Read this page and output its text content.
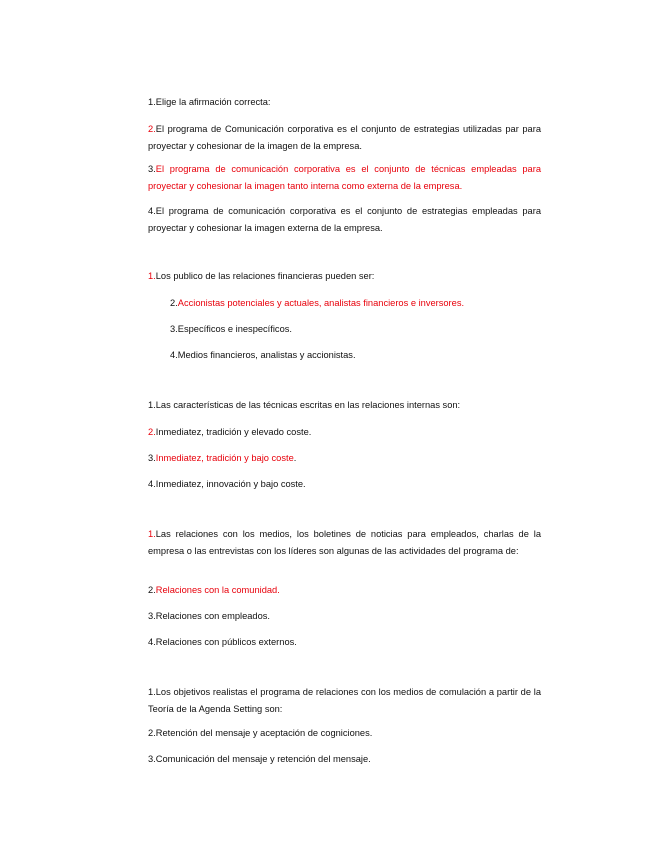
1.Elige la afirmación correcta:

2.El programa de Comunicación corporativa es el conjunto de estrategias utilizadas par para proyectar y cohesionar de la imagen de la empresa.

3.El programa de comunicación corporativa es el conjunto de técnicas empleadas para proyectar y cohesionar la imagen tanto interna como externa de la empresa.

4.El programa de comunicación corporativa es el conjunto de estrategias empleadas para proyectar y cohesionar la imagen externa de la empresa.

1.Los publico de las relaciones financieras pueden ser:

2.Accionistas potenciales y actuales, analistas financieros e inversores.

3.Específicos e inespecíficos.

4.Medios financieros, analistas y accionistas.

1.Las características de las técnicas escritas en las relaciones internas son:

2.Inmediatez, tradición y elevado coste.

3.Inmediatez, tradición y bajo coste.

4.Inmediatez, innovación y bajo coste.

1.Las relaciones con los medios, los boletines de noticias para empleados, charlas de la empresa o las entrevistas con los líderes son algunas de las actividades del programa de:

2.Relaciones con la comunidad.

3.Relaciones con empleados.

4.Relaciones con públicos externos.

1.Los objetivos realistas el programa de relaciones con los medios de comulación a partir de la Teoría de la Agenda Setting son:

2.Retención del mensaje y aceptación de cogniciones.

3.Comunicación del mensaje y retención del mensaje.
